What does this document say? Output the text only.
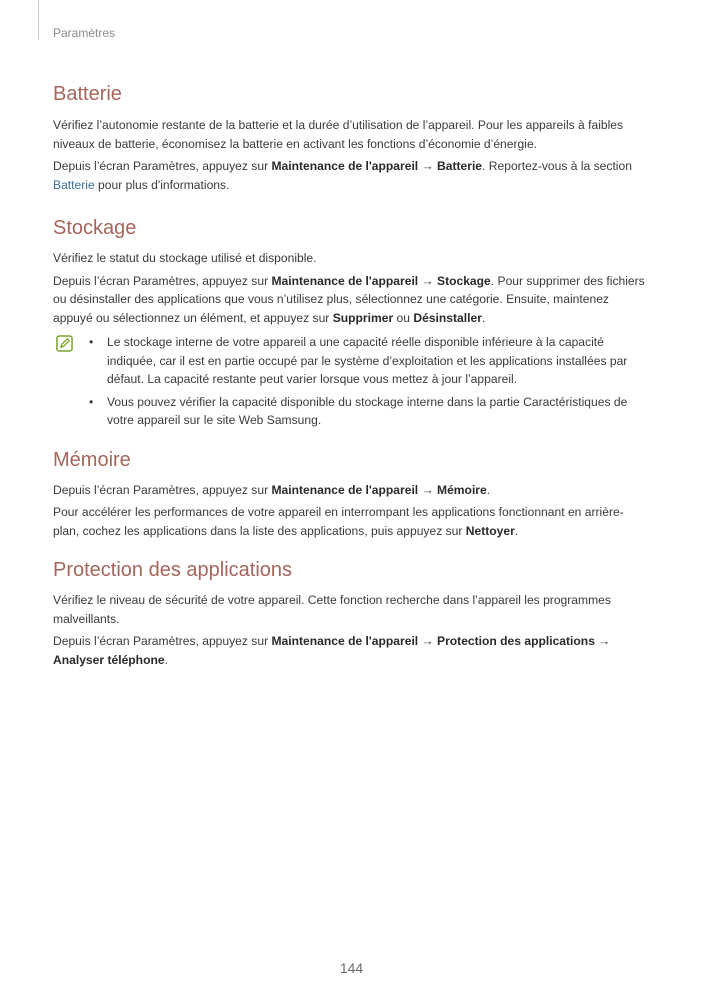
Paramètres
Batterie

Vérifiez l’autonomie restante de la batterie et la durée d’utilisation de l’appareil. Pour les appareils à faibles niveaux de batterie, économisez la batterie en activant les fonctions d’économie d’énergie.

Depuis l’écran Paramètres, appuyez sur Maintenance de l'appareil → Batterie. Reportez-vous à la section Batterie pour plus d'informations.

Stockage

Vérifiez le statut du stockage utilisé et disponible.

Depuis l’écran Paramètres, appuyez sur Maintenance de l'appareil → Stockage. Pour supprimer des fichiers ou désinstaller des applications que vous n’utilisez plus, sélectionnez une catégorie. Ensuite, maintenez appuyé ou sélectionnez un élément, et appuyez sur Supprimer ou Désinstaller.

• Le stockage interne de votre appareil a une capacité réelle disponible inférieure à la capacité indiquée, car il est en partie occupé par le système d’exploitation et les applications installées par défaut. La capacité restante peut varier lorsque vous mettez à jour l’appareil.
• Vous pouvez vérifier la capacité disponible du stockage interne dans la partie Caractéristiques de votre appareil sur le site Web Samsung.
Mémoire

Depuis l’écran Paramètres, appuyez sur Maintenance de l'appareil → Mémoire.

Pour accélérer les performances de votre appareil en interrompant les applications fonctionnant en arrière-plan, cochez les applications dans la liste des applications, puis appuyez sur Nettoyer.

Protection des applications

Vérifiez le niveau de sécurité de votre appareil. Cette fonction recherche dans l’appareil les programmes malveillants.

Depuis l’écran Paramètres, appuyez sur Maintenance de l'appareil → Protection des applications → Analyser téléphone.

144
